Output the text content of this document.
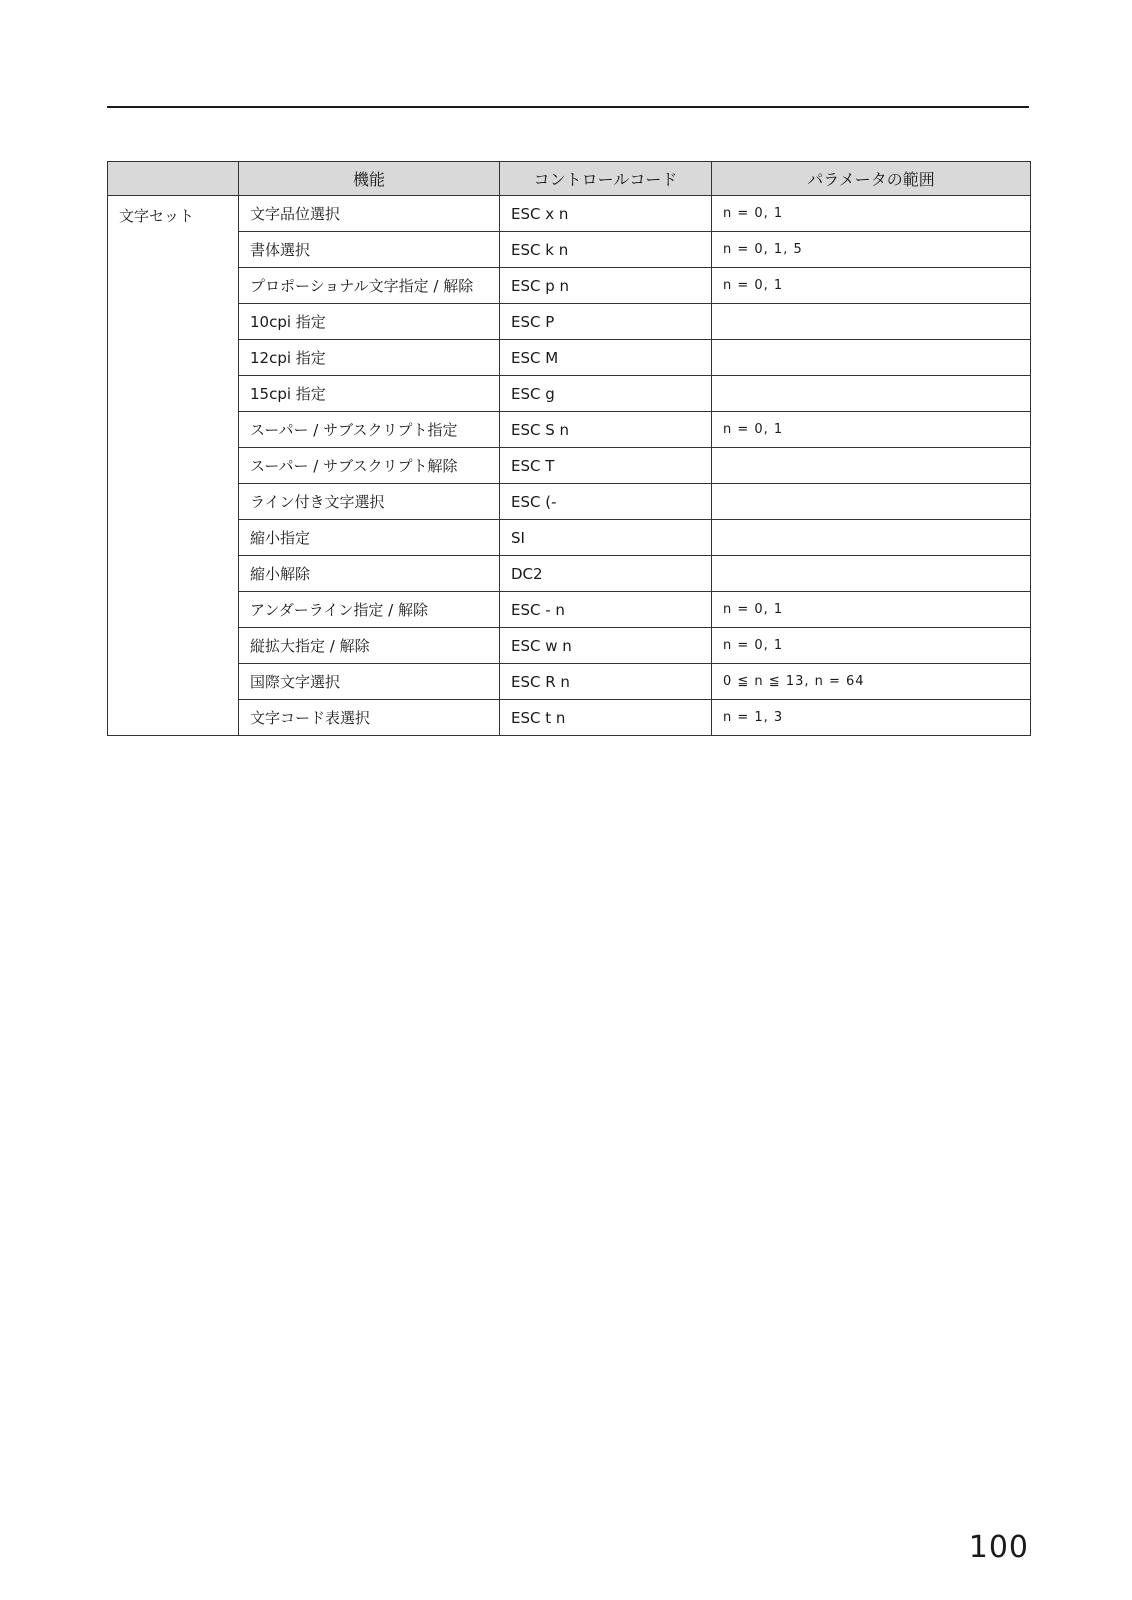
	機能	コントロールコード	パラメータの範囲
文字セット	文字品位選択	ESC x n	n = 0, 1
	書体選択	ESC k n	n = 0, 1, 5
	プロポーショナル文字指定 / 解除	ESC p n	n = 0, 1
	10cpi 指定	ESC P	
	12cpi 指定	ESC M	
	15cpi 指定	ESC g	
	スーパー / サブスクリプト指定	ESC S n	n = 0, 1
	スーパー / サブスクリプト解除	ESC T	
	ライン付き文字選択	ESC (-	
	縮小指定	SI	
	縮小解除	DC2	
	アンダーライン指定 / 解除	ESC - n	n = 0, 1
	縦拡大指定 / 解除	ESC w n	n = 0, 1
	国際文字選択	ESC R n	0 ≦ n ≦ 13, n = 64
	文字コード表選択	ESC t n	n = 1, 3
100
